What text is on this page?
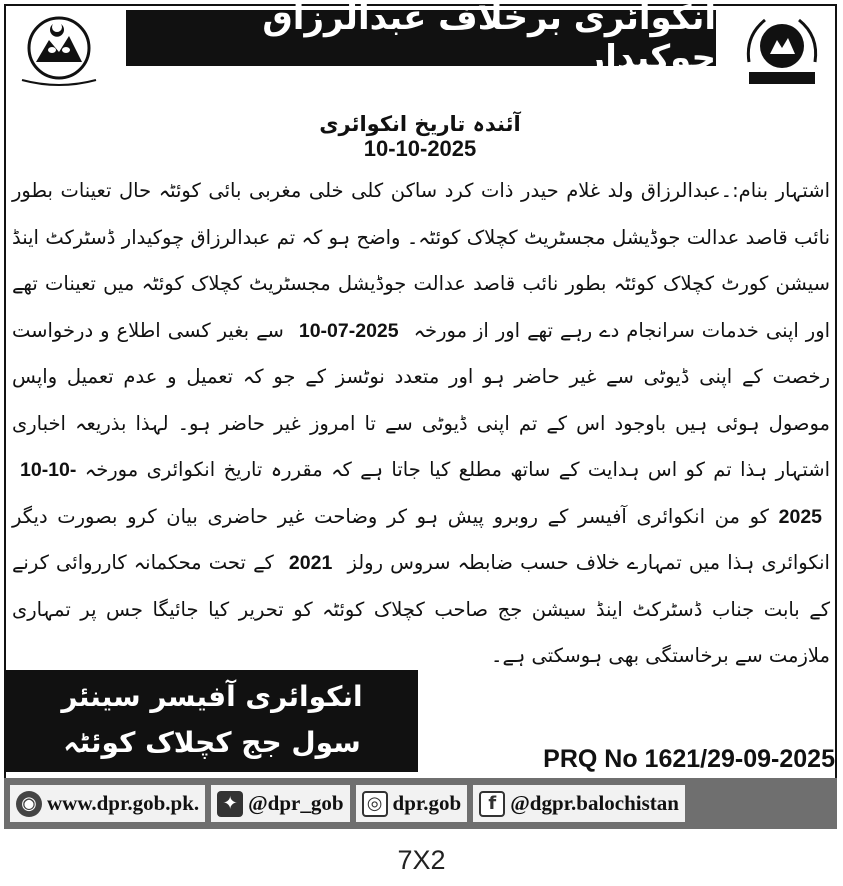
انکوائری برخلاف عبدالرزاق چوکیدار
آئندہ تاریخ انکوائری
10-10-2025
اشتہار بنام:۔عبدالرزاق ولد غلام حیدر ذات کرد ساکن کلی خلی مغربی بائی کوئٹہ حال تعینات بطور نائب قاصد عدالت جوڈیشل مجسٹریٹ کچلاک کوئٹہ۔ واضح ہو کہ تم عبدالرزاق چوکیدار ڈسٹرکٹ اینڈ سیشن کورٹ کچلاک کوئٹہ بطور نائب قاصد عدالت جوڈیشل مجسٹریٹ کچلاک کوئٹہ میں تعینات تھے اور اپنی خدمات سرانجام دے رہے تھے اور از مورخہ 10-07-2025 سے بغیر کسی اطلاع و درخواست رخصت کے اپنی ڈیوٹی سے غیر حاضر ہو اور متعدد نوٹسز کے جو کہ تعمیل و عدم تعمیل واپس موصول ہوئی ہیں باوجود اس کے تم اپنی ڈیوٹی سے تا امروز غیر حاضر ہو۔ لہذا بذریعہ اخباری اشتہار ہذا تم کو اس ہدایت کے ساتھ مطلع کیا جاتا ہے کہ مقررہ تاریخ انکوائری مورخہ 10-10-2025 کو من انکوائری آفیسر کے روبرو پیش ہو کر وضاحت غیر حاضری بیان کرو بصورت دیگر انکوائری ہذا میں تمہارے خلاف حسب ضابطہ سروس رولز 2021 کے تحت محکمانہ کارروائی کرنے کے بابت جناب ڈسٹرکٹ اینڈ سیشن جج صاحب کچلاک کوئٹہ کو تحریر کیا جائیگا جس پر تمہاری ملازمت سے برخاستگی بھی ہوسکتی ہے۔
انکوائری آفیسر سینئر
سول جج کچلاک کوئٹہ	PRQ No 1621/29-09-2025
◉ www.dpr.gob.pk.	✦ @dpr_gob ◎ dpr.gob	f @dgpr.balochistan
7X2
